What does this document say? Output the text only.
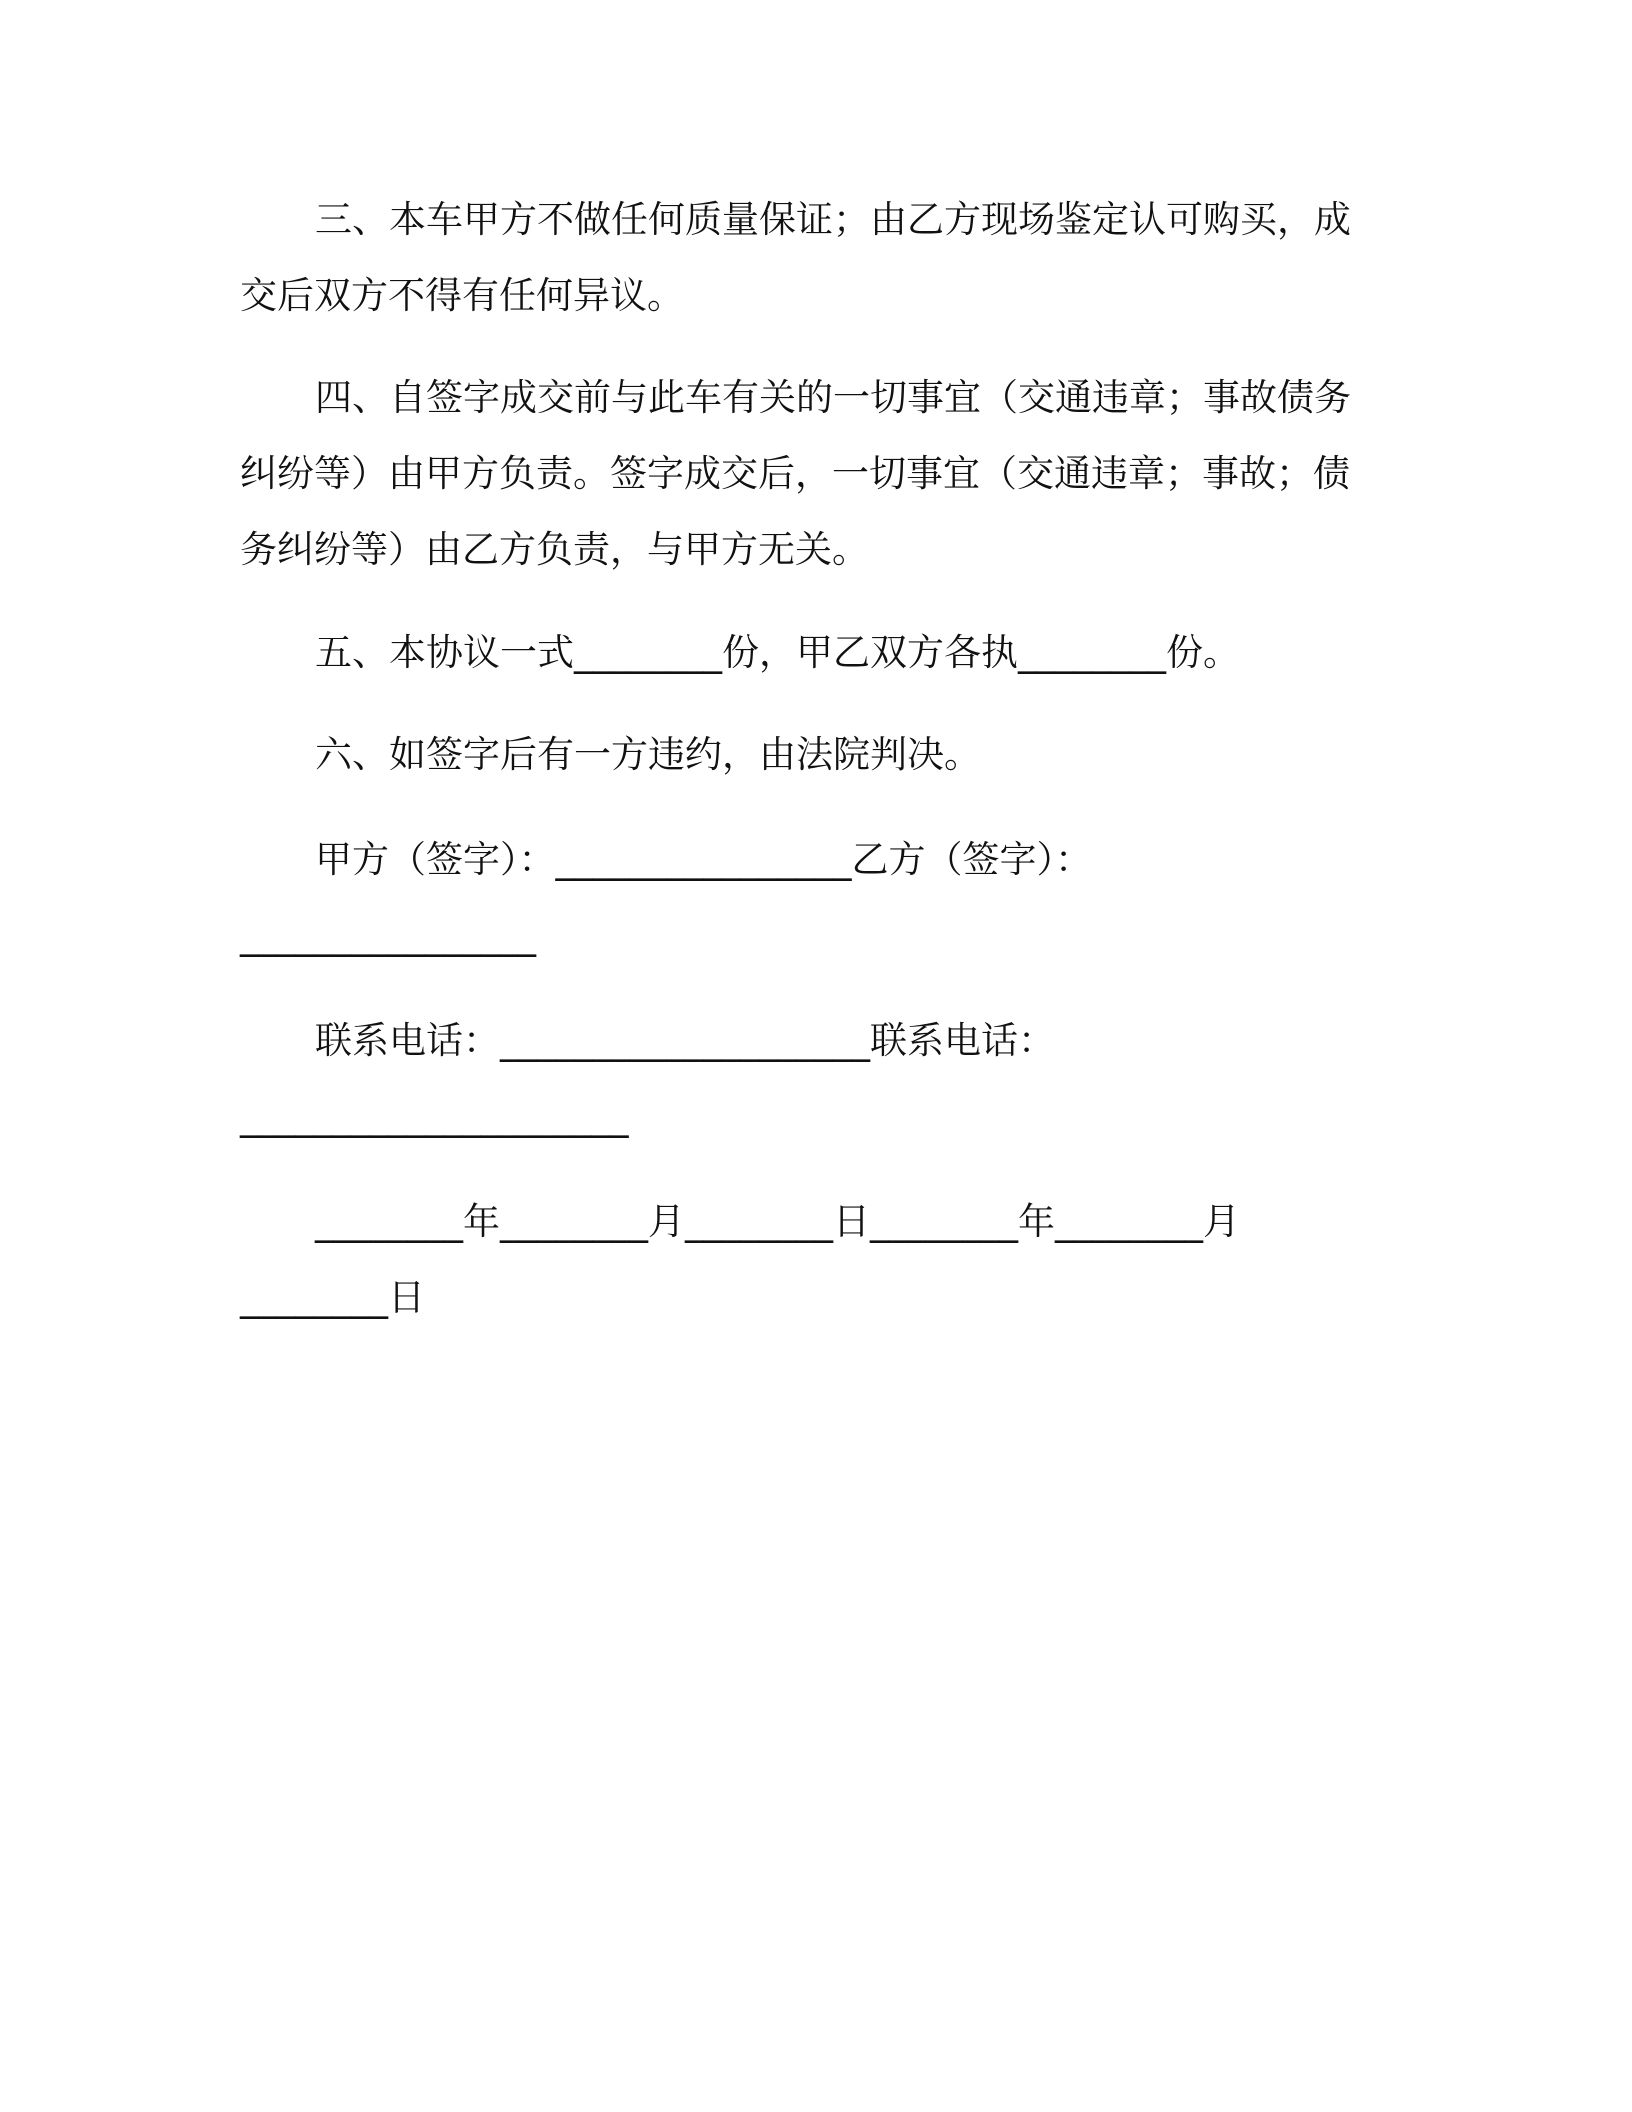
三、本车甲方不做任何质量保证；由乙方现场鉴定认可购买，成
交后双方不得有任何异议。
四、自签字成交前与此车有关的一切事宜（交通违章；事故债务
纠纷等）由甲方负责。签字成交后，一切事宜（交通违章；事故；债
务纠纷等）由乙方负责，与甲方无关。
五、本协议一式________份，甲乙双方各执________份。
六、如签字后有一方违约，由法院判决。
甲方（签字）：________________乙方（签字）：
________________
联系电话：____________________联系电话：
_____________________
________年________月________日________年________月
________日
